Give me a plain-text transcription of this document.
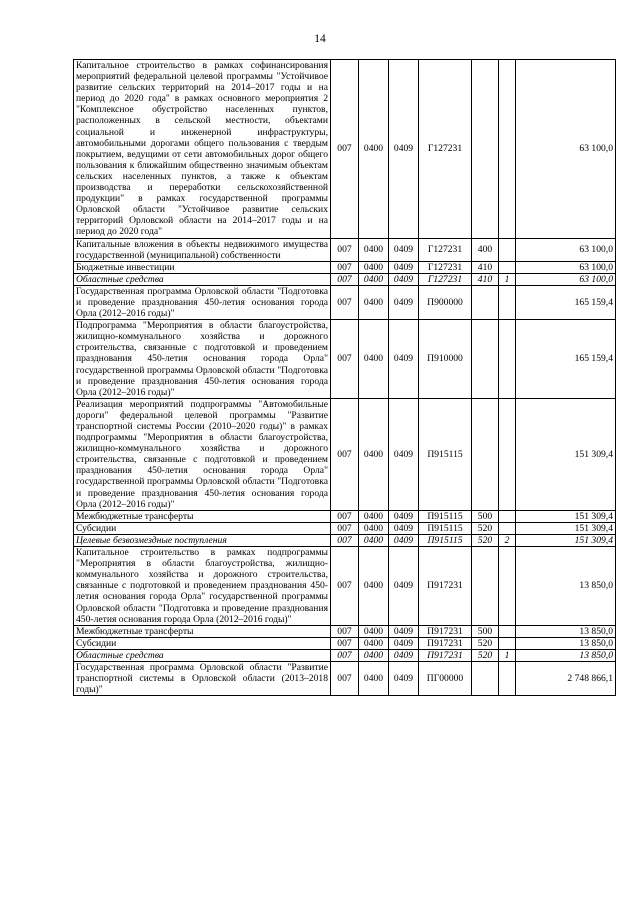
14
Капитальное строительство в рамках софинансирования мероприятий федеральной целевой программы "Устойчивое развитие сельских территорий на 2014–2017 годы и на период до 2020 года" в рамках основного мероприятия 2 "Комплексное обустройство населенных пунктов, расположенных в сельской местности, объектами социальной и инженерной инфраструктуры, автомобильными дорогами общего пользования с твердым покрытием, ведущими от сети автомобильных дорог общего пользования к ближайшим общественно значимым объектам сельских населенных пунктов, а также к объектам производства и переработки сельскохозяйственной продукции" в рамках государственной программы Орловской области "Устойчивое развитие сельских территорий Орловской области на 2014–2017 годы и на период до 2020 года"	007	0400	0409	Г127231			63 100,0
Капитальные вложения в объекты недвижимого имущества государственной (муниципальной) собственности	007	0400	0409	Г127231	400		63 100,0
Бюджетные инвестиции	007	0400	0409	Г127231	410		63 100,0
Областные средства	007	0400	0409	Г127231	410	1	63 100,0
Государственная программа Орловской области "Подготовка и проведение празднования 450-летия основания города Орла (2012–2016 годы)"	007	0400	0409	П900000			165 159,4
Подпрограмма "Мероприятия в области благоустройства, жилищно-коммунального хозяйства и дорожного строительства, связанные с подготовкой и проведением празднования 450-летия основания города Орла" государственной программы Орловской области "Подготовка и проведение празднования 450-летия основания города Орла (2012–2016 годы)"	007	0400	0409	П910000			165 159,4
Реализация мероприятий подпрограммы "Автомобильные дороги" федеральной целевой программы "Развитие транспортной системы России (2010–2020 годы)" в рамках подпрограммы "Мероприятия в области благоустройства, жилищно-коммунального хозяйства и дорожного строительства, связанные с подготовкой и проведением празднования 450-летия основания города Орла" государственной программы Орловской области "Подготовка и проведение празднования 450-летия основания города Орла (2012–2016 годы)"	007	0400	0409	П915115			151 309,4
Межбюджетные трансферты	007	0400	0409	П915115	500		151 309,4
Субсидии	007	0400	0409	П915115	520		151 309,4
Целевые безвозмездные поступления	007	0400	0409	П915115	520	2	151 309,4
Капитальное строительство в рамках подпрограммы "Мероприятия в области благоустройства, жилищно-коммунального хозяйства и дорожного строительства, связанные с подготовкой и проведением празднования 450-летия основания города Орла" государственной программы Орловской области "Подготовка и проведение празднования 450-летия основания города Орла (2012–2016 годы)"	007	0400	0409	П917231			13 850,0
Межбюджетные трансферты	007	0400	0409	П917231	500		13 850,0
Субсидии	007	0400	0409	П917231	520		13 850,0
Областные средства	007	0400	0409	П917231	520	1	13 850,0
Государственная программа Орловской области "Развитие транспортной системы в Орловской области (2013–2018 годы)"	007	0400	0409	ПГ00000			2 748 866,1
